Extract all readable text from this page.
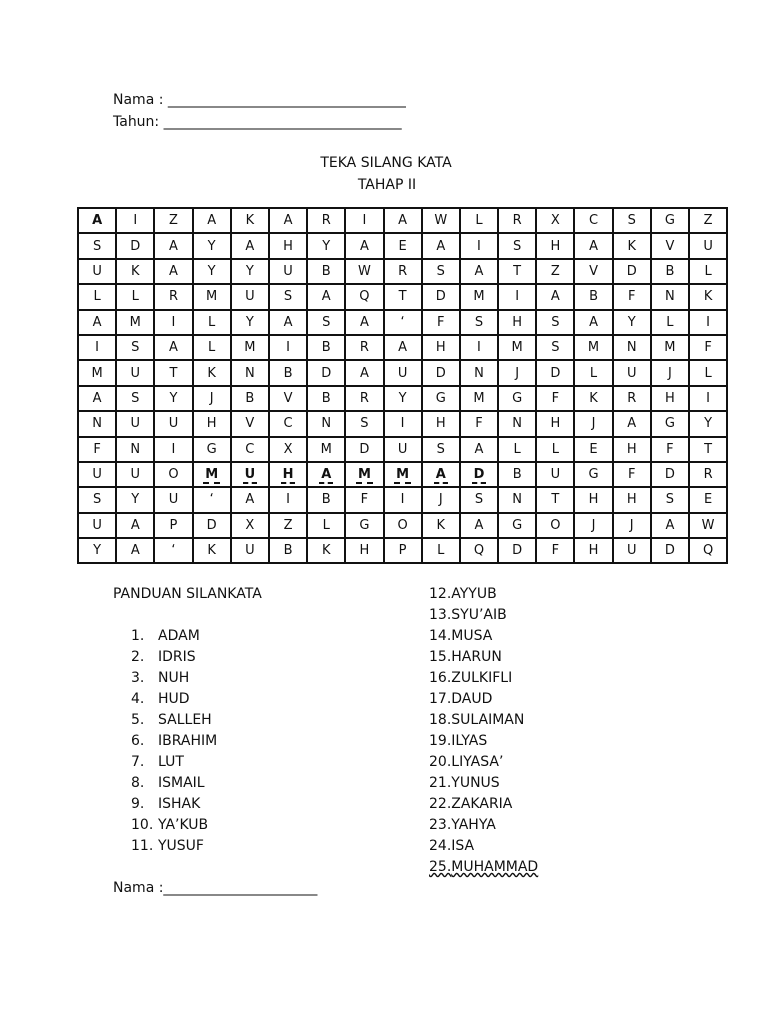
Nama : __________________________________
Tahun: __________________________________
TEKA SILANG KATA
TAHAP II
A	I	Z	A	K	A	R	I	A	W	L	R	X	C	S	G	Z
S	D	A	Y	A	H	Y	A	E	A	I	S	H	A	K	V	U
U	K	A	Y	Y	U	B	W	R	S	A	T	Z	V	D	B	L
L	L	R	M	U	S	A	Q	T	D	M	I	A	B	F	N	K
A	M	I	L	Y	A	S	A	‘	F	S	H	S	A	Y	L	I
I	S	A	L	M	I	B	R	A	H	I	M	S	M	N	M	F
M	U	T	K	N	B	D	A	U	D	N	J	D	L	U	J	L
A	S	Y	J	B	V	B	R	Y	G	M	G	F	K	R	H	I
N	U	U	H	V	C	N	S	I	H	F	N	H	J	A	G	Y
F	N	I	G	C	X	M	D	U	S	A	L	L	E	H	F	T
U	U	O	M	U	H	A	M	M	A	D	B	U	G	F	D	R
S	Y	U	‘	A	I	B	F	I	J	S	N	T	H	H	S	E
U	A	P	D	X	Z	L	G	O	K	A	G	O	J	J	A	W
Y	A	‘	K	U	B	K	H	P	L	Q	D	F	H	U	D	Q
PANDUAN SILANKATA
1. ADAM
2. IDRIS
3. NUH
4. HUD
5. SALLEH
6. IBRAHIM
7. LUT
8. ISMAIL
9. ISHAK
10. YA’KUB
11. YUSUF
12.AYYUB
13.SYU’AIB
14.MUSA
15.HARUN
16.ZULKIFLI
17.DAUD
18.SULAIMAN
19.ILYAS
20.LIYASA’
21.YUNUS
22.ZAKARIA
23.YAHYA
24.ISA
25.MUHAMMAD
Nama :______________________
